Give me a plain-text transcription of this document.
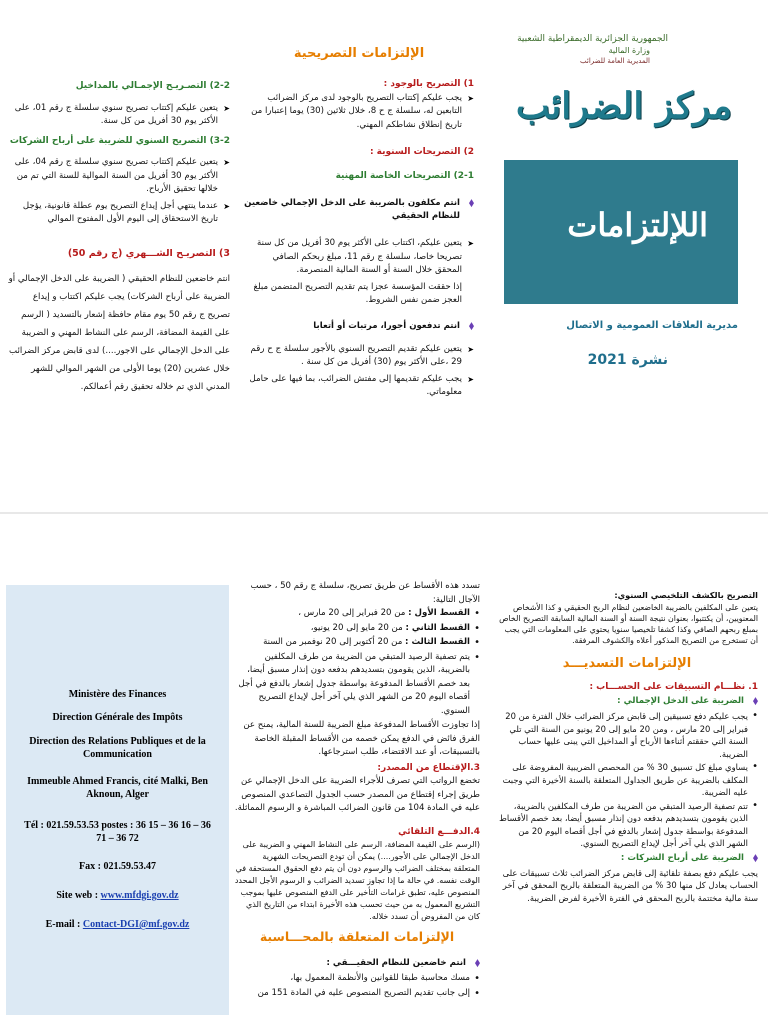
الجمهورية الجزائرية الديمقراطية الشعبية
وزارة المالية
المديرية العامة للضرائب
مركز الضرائب
اللإلتزامات
مديرية العلاقات العمومية و الاتصال
نشرة 2021
الإلتزامات التصريحية
1) التصريح بالوجود :
➤ يجب عليكم إكتتاب التصريح بالوجود لدى مركز الضرائب التابعين له، سلسلة ج ح 8، خلال ثلاثين (30) يوما إعتبارا من تاريخ إنطلاق نشاطكم المهني.
2) التصريحات السنوية :
2-1) التصريحات الخاصة المهنية
⬧ انتم مكلفون بالضريبة على الدخل الإجمالي خاضعين للنظام الحقيقي
➤ يتعين عليكم، اكتتاب على الأكثر يوم 30 أفريل من كل سنة تصريحا خاصا، سلسلة ج رقم 11، مبلغ ربحكم الصافي المحقق خلال السنة أو السنة المالية المنصرمة.
إذا حققت المؤسسة عجزا يتم تقديم التصريح المتضمن مبلغ العجز ضمن نفس الشروط.
⬧ انتم تدفعون أجورا، مرتبات أو أتعابا
➤ يتعين عليكم تقديم التصريح السنوي بالأجور سلسلة ج ح رقم 29 ،على الأكثر يوم (30) أفريل من كل سنة .
➤ يجب عليكم تقديمها إلى مفتش الضرائب، بما فيها على حامل معلوماتي.
2-2) التصـريـح الإجمـالي بالمداخيل
➤ يتعين عليكم إكتتاب تصريح سنوي سلسلة ج رقم 01، على الأكثر يوم 30 أفريل من كل سنة.
3-2) التصريح السنوي للضريبة على أرباح الشركات
➤ يتعين عليكم إكتتاب تصريح سنوي سلسلة ج رقم 04، على الأكثر يوم 30 أفريل من السنة الموالية للسنة التي تم من خلالها تحقيق الأرباح.
➤ عندما ينتهي أجل إيداع التصريح يوم عطلة قانونية، يؤجل تاريخ الاستحقاق إلى اليوم الأول المفتوح الموالي
3) التصريـح الشـــهري (ج رقم 50)
انتم خاضعين للنظام الحقيقي ( الضريبة على الدخل الإجمالي أو الضريبة على أرباح الشركات) يجب عليكم اكتتاب و إيداع تصريح ج رقم 50 يوم مقام حافظة إشعار بالتسديد ( الرسم على القيمة المضافة، الرسم على النشاط المهني و الضريبة على الدخل الإجمالي على الاجور....) لدى قابض مركز الضرائب خلال عشرين (20) يوما الأولى من الشهر الموالي للشهر المدني الذي تم خلاله تحقيق رقم أعمالكم.
Ministère des Finances
Direction Générale des Impôts
Direction des Relations Publiques et de la Communication
Immeuble Ahmed Francis, cité Malki, Ben Aknoun, Alger
Tél : 021.59.53.53 postes : 36 15 – 36 16 – 36 71 – 36 72
Fax : 021.59.53.47
Site web : www.mfdgi.gov.dz
E-mail : Contact-DGI@mf.gov.dz
تسدد هذه الأقساط عن طريق تصريح، سلسلة ج رقم 50 ، حسب الآجال التالية:
• القسط الأول : من 20 فبراير إلى 20 مارس ،
• القسط الثاني : من 20 مايو إلى 20 يونيو،
• القسط الثالث : من 20 أكتوبر إلى 20 نوفمبر من السنة
• يتم تصفية الرصيد المتبقي من الضريبة من طرف المكلفين بالضريبة، الذين يقومون بتسديدهم بدفعه دون إنذار مسبق أيضا، بعد خصم الأقساط المدفوعة بواسطة جدول إشعار بالدفع في أجل أقصاه اليوم 20 من الشهر الذي يلي آخر أجل لإيداع التصريح السنوي.
إذا تجاوزت الأقساط المدفوعة مبلغ الضريبة للسنة المالية، يمنح عن الفرق فائض في الدفع يمكن خصمه من الأقساط المقبلة الخاصة بالتسبيقات، أو عند الاقتضاء، طلب استرجاعها.
3.الإقتطاع من المصدر:
تخضع الرواتب التي تصرف للأجراء الضريبة على الدخل الإجمالي عن طريق إجراء إقتطاع من المصدر حسب الجدول التصاعدي المنصوص عليه في المادة 104 من قانون الضرائب المباشرة و الرسوم المماثلة.
4.الدفـــع التلقائي
(الرسم على القيمة المضافة، الرسم على النشاط المهني و الضريبة على الدخل الإجمالي على الأجور....) يمكن أن تودع التصريحات الشهرية المتعلقة بمختلف الضرائب والرسوم دون أن يتم دفع الحقوق المستحقة في الوقت نفسه. في حالة ما إذا تجاوز تسديد الضرائب و الرسوم الأجل المحدد المنصوص عليه، تطبق غرامات التأخير على الدفع المنصوص عليها بموجب التشريع المعمول به من حيث تحسب هذه الأخيرة ابتداء من التاريخ الذي كان من المفروض أن تسدد خلاله.
الإلتزامات المتعلقة بالمحـــاسبة
⬧ انتم خاضعين للنظام الحقيـــقي :
• مسك محاسبة طبقا للقوانين والأنظمة المعمول بها،
• إلى جانب تقديم التصريح المنصوص عليه في المادة 151 من
التصريح بالكشف التلخيصي السنوي:
يتعين على المكلفين بالضريبة الخاضعين لنظام الربح الحقيقي و كذا الأشخاص المعنويين، أن يكتتبوا، بعنوان نتيجة السنة أو السنة المالية السابقة التصريح الخاص بمبلغ ربحهم الصافي وكذا كشفا تلخيصيا سنويا يحتوي على المعلومات التي يجب أن تستخرج من التصريح المذكور أعلاه والكشوف المرفقة.
الإلتزامات التسديـــد
1. نظـــام التسبيقات على الحســـاب :
⬧ الضريبة على الدخل الإجمالي :
• يجب عليكم دفع تسبيقين إلى قابض مركز الضرائب خلال الفترة من 20 فبراير إلى 20 مارس ، ومن 20 مايو إلى 20 يونيو من السنة التي تلي السنة التي حققتم أثناءها الأرباح أو المداخيل التي يبنى عليها حساب الضريبة.
• يساوي مبلغ كل تسبيق 30 % من المحصص الضريبية المفروضة على المكلف بالضريبة عن طريق الجداول المتعلقة بالسنة الأخيرة التي وجبت عليه الضريبة.
• تتم تصفية الرصيد المتبقي من الضريبة من طرف المكلفين بالضريبة، الذين يقومون بتسديدهم بدفعه دون إنذار مسبق أيضا، بعد خصم الأقساط المدفوعة بواسطة جدول إشعار بالدفع في أجل أقصاه اليوم 20 من الشهر الذي يلي آخر أجل لإيداع التصريح السنوي.
⬧ الضريبة على أرباح الشركات :
يجب عليكم دفع بصفة تلقائية إلى قابض مركز الضرائب ثلاث تسبيقات على الحساب يعادل كل منها 30 % من الضريبة المتعلقة بالربح المحقق في آخر سنة مالية مختتمة بالربح المحقق في الفترة الأخيرة لفرض الضريبة.
